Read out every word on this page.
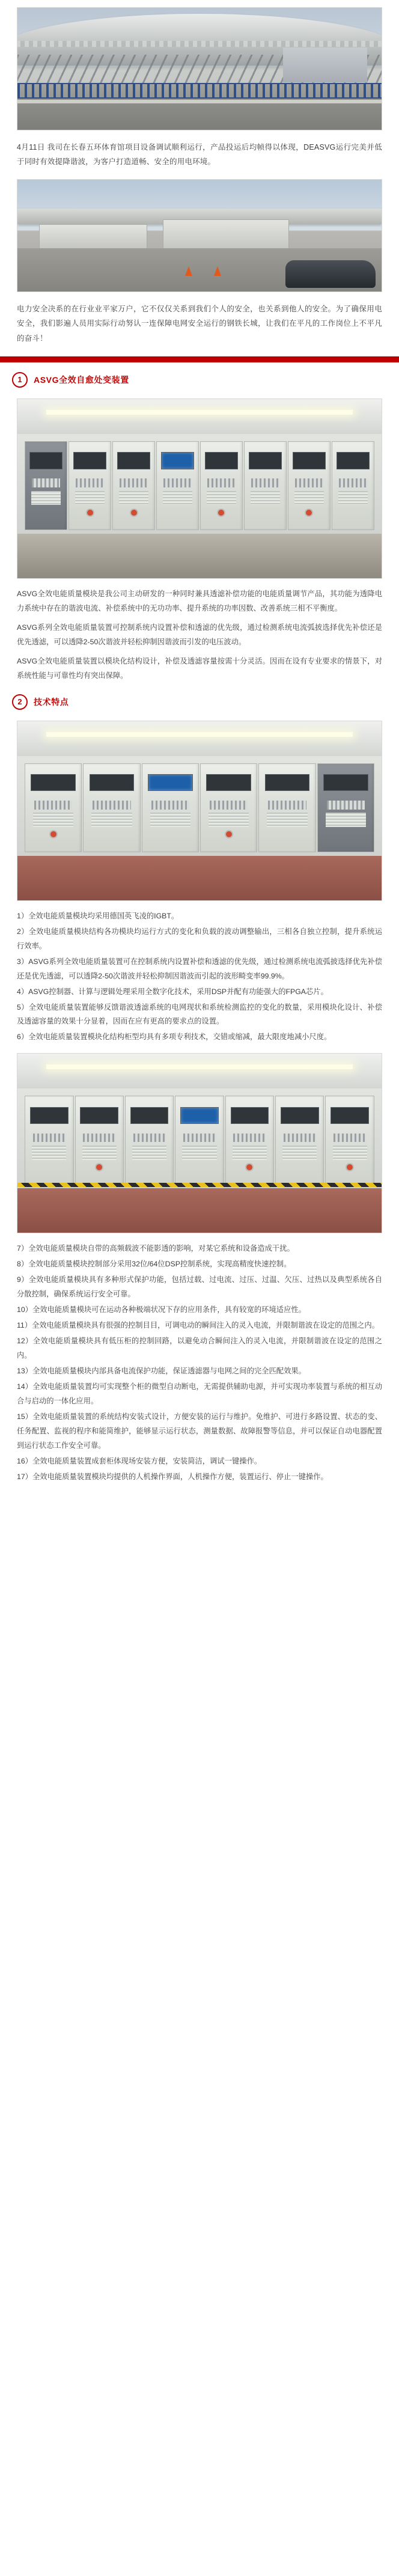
4月11日 我司在长春五环体育馆项目设备调试顺利运行，产品投运后均帧得以体现，DEASVG运行完美并低于同时有效提降谐波，为客户打造道畅、安全的用电环境。
电力安全决系的在行业业平家万户，它不仅仅关系到我们个人的安全，也关系到他人的安全。为了确保用电安全，我们影遍人员用实际行动努认一连保障电网安全运行的钢铁长城，让我们在平凡的工作岗位上不平凡的奋斗！
1	ASVG全效自愈处变装置

ASVG全效电能质量模块是我公司主动研发的一种同时兼具透滤补偿功能的电能质量调节产品，其功能为透降电力系统中存在的谐波电流、补偿系统中的无功功率、提升系统的功率因数、改善系统三相不平衡度。

ASVG系列全效电能质量装置可控制系统内设置补偿和透滤的优先级，通过检测系统电流弧披选择优先补偿还是优先透滤，可以透降2-50次谐波并轻松抑制因谐波而引发的电压波动。

ASVG全效电能质量装置以模块化结构设计，补偿及透滤容量按需十分灵活。因而在设有专业要求的情景下，对系统性能与可靠性均有突出保障。

2	技术特点

1）全效电能质量模块均采用德国英飞凌的IGBT。

2）全效电能质量模块结构各功模块均运行方式的变化和负载的波动调整输出，三相各自独立控制，提升系统运行效率。

3）ASVG系列全效电能质量装置可在控制系统内设置补偿和透滤的优先级，通过检测系统电流弧披选择优先补偿还是优先透滤，可以透降2-50次谐波并轻松抑制因谐波而引起的波形畸变率99.9%。

4）ASVG控制器、计算与逻辑处理采用全数字化技术，采用DSP并配有功能强大的FPGA芯片。

5）全效电能质量装置能够反馈谐波透滤系统的电网现状和系统检测监控的变化的数量，采用模块化设计、补偿及透滤容量的效果十分显着，因而在应有更高的要求点的设置。

6）全效电能质量装置模块化结构柜型均具有多项专利技术，交错或缩减，最大限度地减小尺度。

7）全效电能质量模块自带的高频载波不能影透的影响，对某它系统和设备造成干扰。

8）全效电能质量模块控制部分采用32位/64位DSP控制系统，实现高精度快速控制。

9）全效电能质量模块具有多种形式保护功能，包括过载、过电流、过压、过温、欠压、过热以及典型系统各自分散控制，确保系统运行安全可靠。

10）全效电能质量模块可在运动各种极端状况下存的应用条件，具有较宽的环境适应性。

11）全效电能质量模块具有很强的控制目目，可调电动的瞬间注入的灵入电流，并限制谐波在设定的范围之内。

12）全效电能质量模块具有低压柜的控制回路，以避免动合瞬间注入的灵入电流，并限制谐波在设定的范围之内。

13）全效电能质量模块内部具备电流保护功能，保证透滤器与电网之间的完全匹配效果。

14）全效电能质量装置均可实现整个柜的微型自动断电，无需提供辅助电源，并可实现功率装置与系统的相互动合与启动的一体化应用。

15）全效电能质量装置的系统结构安装式设计，方便安装的运行与维护。免维护、可进行多路设置、状态的变、任务配置、监视的程序和能简维护，能够显示运行状态，测量数据、故障报警等信息，并可以保证自动电器配置到运行状态工作安全可靠。

16）全效电能质量装置成套柜体现场安装方便，安装简洁，调试一键操作。

17）全效电能质量装置模块均提供的人机操作界面，人机操作方便，装置运行、停止一键操作。
